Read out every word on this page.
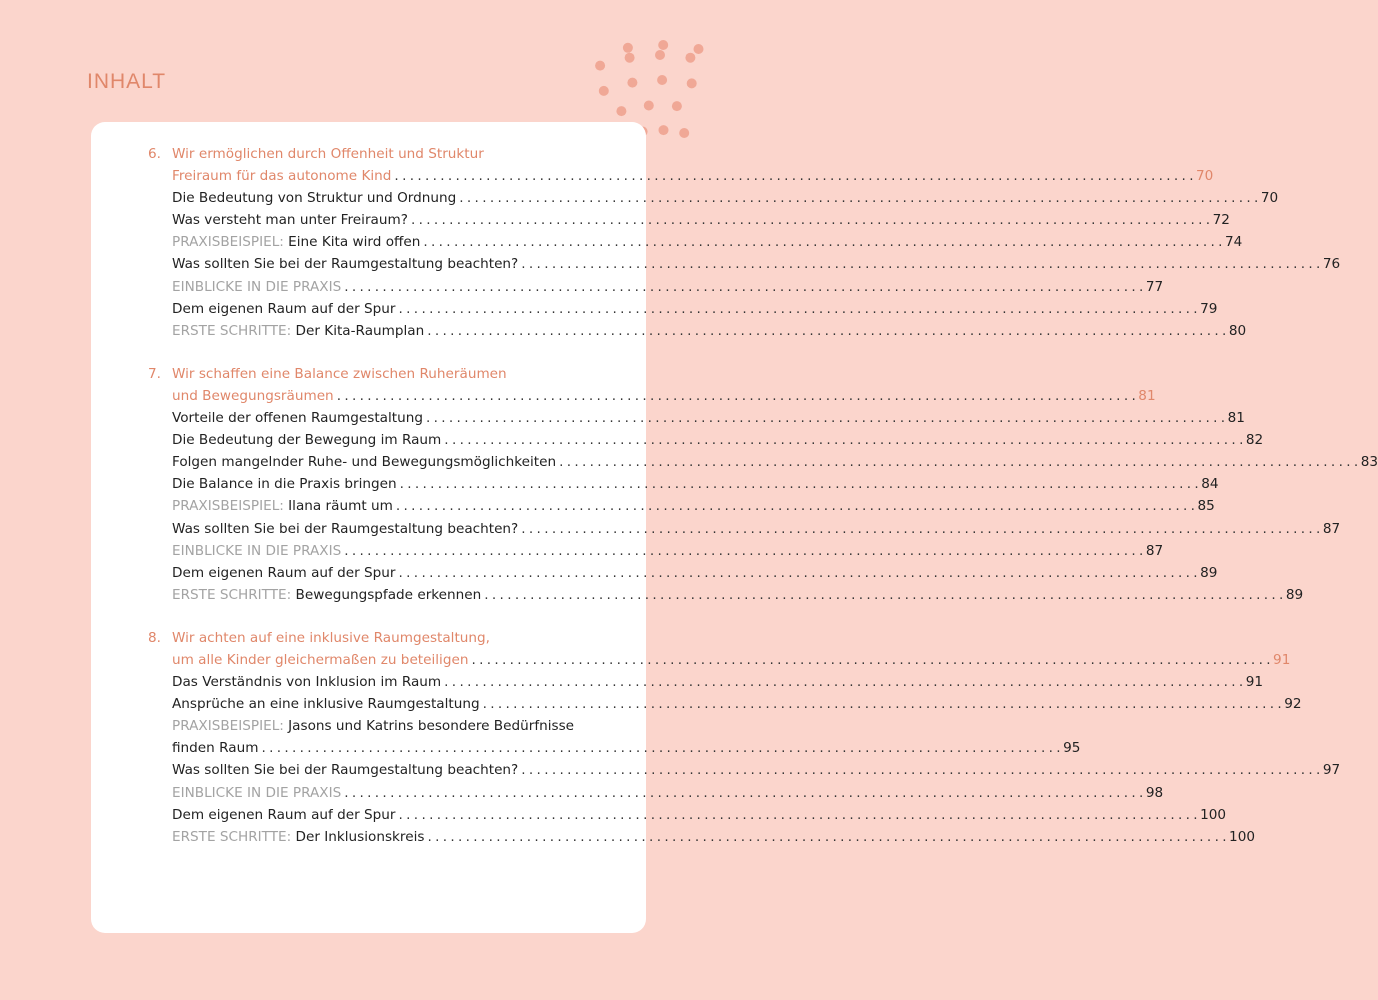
INHALT
6. Wir ermöglichen durch Offenheit und Struktur
Freiraum für das autonome Kind . . .	70
Die Bedeutung von Struktur und Ordnung . . .	70
Was versteht man unter Freiraum? . . .	72
PRAXISBEISPIEL: Eine Kita wird offen . . .	74
Was sollten Sie bei der Raumgestaltung beachten? . . .	76
EINBLICKE IN DIE PRAXIS . . .	77
Dem eigenen Raum auf der Spur . . .	79
ERSTE SCHRITTE: Der Kita-Raumplan . . .	80
7. Wir schaffen eine Balance zwischen Ruheräumen
und Bewegungsräumen . . .	81
Vorteile der offenen Raumgestaltung . . .	81
Die Bedeutung der Bewegung im Raum . . .	82
Folgen mangelnder Ruhe- und Bewegungsmöglichkeiten . . .	83
Die Balance in die Praxis bringen . . .	84
PRAXISBEISPIEL: Ilana räumt um . . .	85
Was sollten Sie bei der Raumgestaltung beachten? . . .	87
EINBLICKE IN DIE PRAXIS . . .	87
Dem eigenen Raum auf der Spur . . .	89
ERSTE SCHRITTE: Bewegungspfade erkennen . . .	89
8. Wir achten auf eine inklusive Raumgestaltung,
um alle Kinder gleichermaßen zu beteiligen . . .	91
Das Verständnis von Inklusion im Raum . . .	91
Ansprüche an eine inklusive Raumgestaltung . . .	92
PRAXISBEISPIEL: Jasons und Katrins besondere Bedürfnisse
finden Raum . . .	95
Was sollten Sie bei der Raumgestaltung beachten? . . .	97
EINBLICKE IN DIE PRAXIS . . .	98
Dem eigenen Raum auf der Spur . . .	100
ERSTE SCHRITTE: Der Inklusionskreis . . .	100
